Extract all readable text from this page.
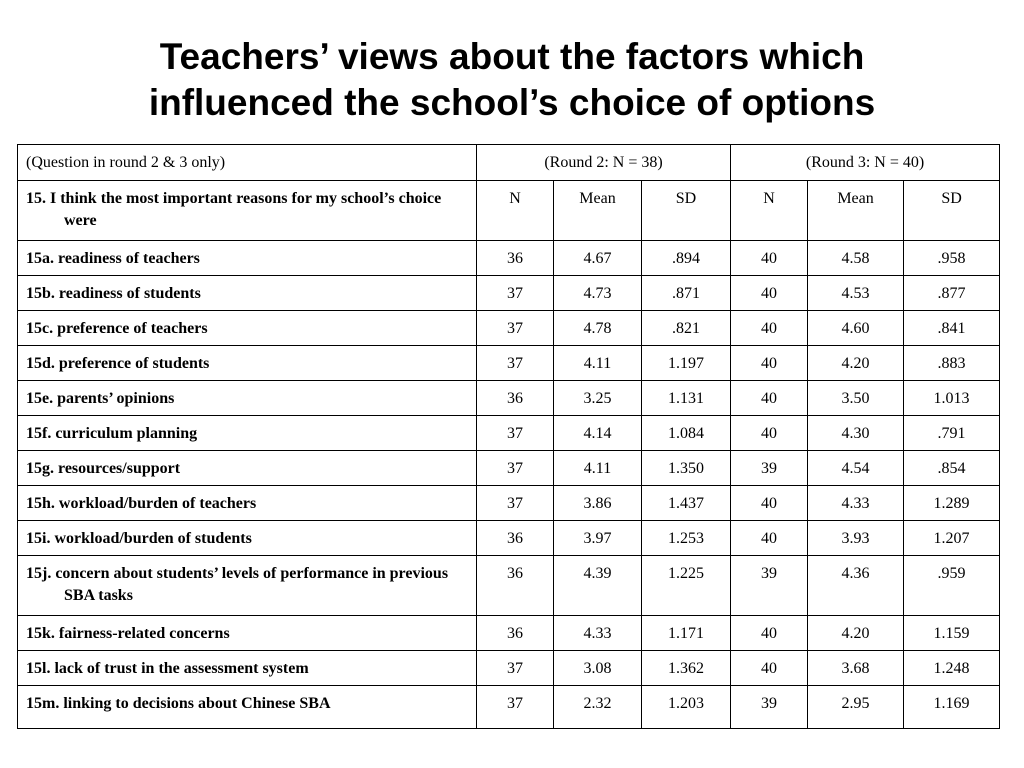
Teachers’ views about the factors which
influenced the school’s choice of options
(Question in round 2 & 3 only)	(Round 2: N = 38)			(Round 3: N = 40)		

15. I think the most important reasons for my school’s choice were	N	Mean	SD	N	Mean	SD

15a. readiness of teachers	36	4.67	.894	40	4.58	.958

15b. readiness of students	37	4.73	.871	40	4.53	.877

15c. preference of teachers	37	4.78	.821	40	4.60	.841

15d. preference of students	37	4.11	1.197	40	4.20	.883

15e. parents’ opinions	36	3.25	1.131	40	3.50	1.013

15f. curriculum planning	37	4.14	1.084	40	4.30	.791

15g. resources/support	37	4.11	1.350	39	4.54	.854

15h. workload/burden of teachers	37	3.86	1.437	40	4.33	1.289

15i. workload/burden of students	36	3.97	1.253	40	3.93	1.207

15j. concern about students’ levels of performance in previous SBA tasks	36	4.39	1.225	39	4.36	.959

15k. fairness-related concerns	36	4.33	1.171	40	4.20	1.159

15l. lack of trust in the assessment system	37	3.08	1.362	40	3.68	1.248

15m. linking to decisions about Chinese SBA	37	2.32	1.203	39	2.95	1.169
